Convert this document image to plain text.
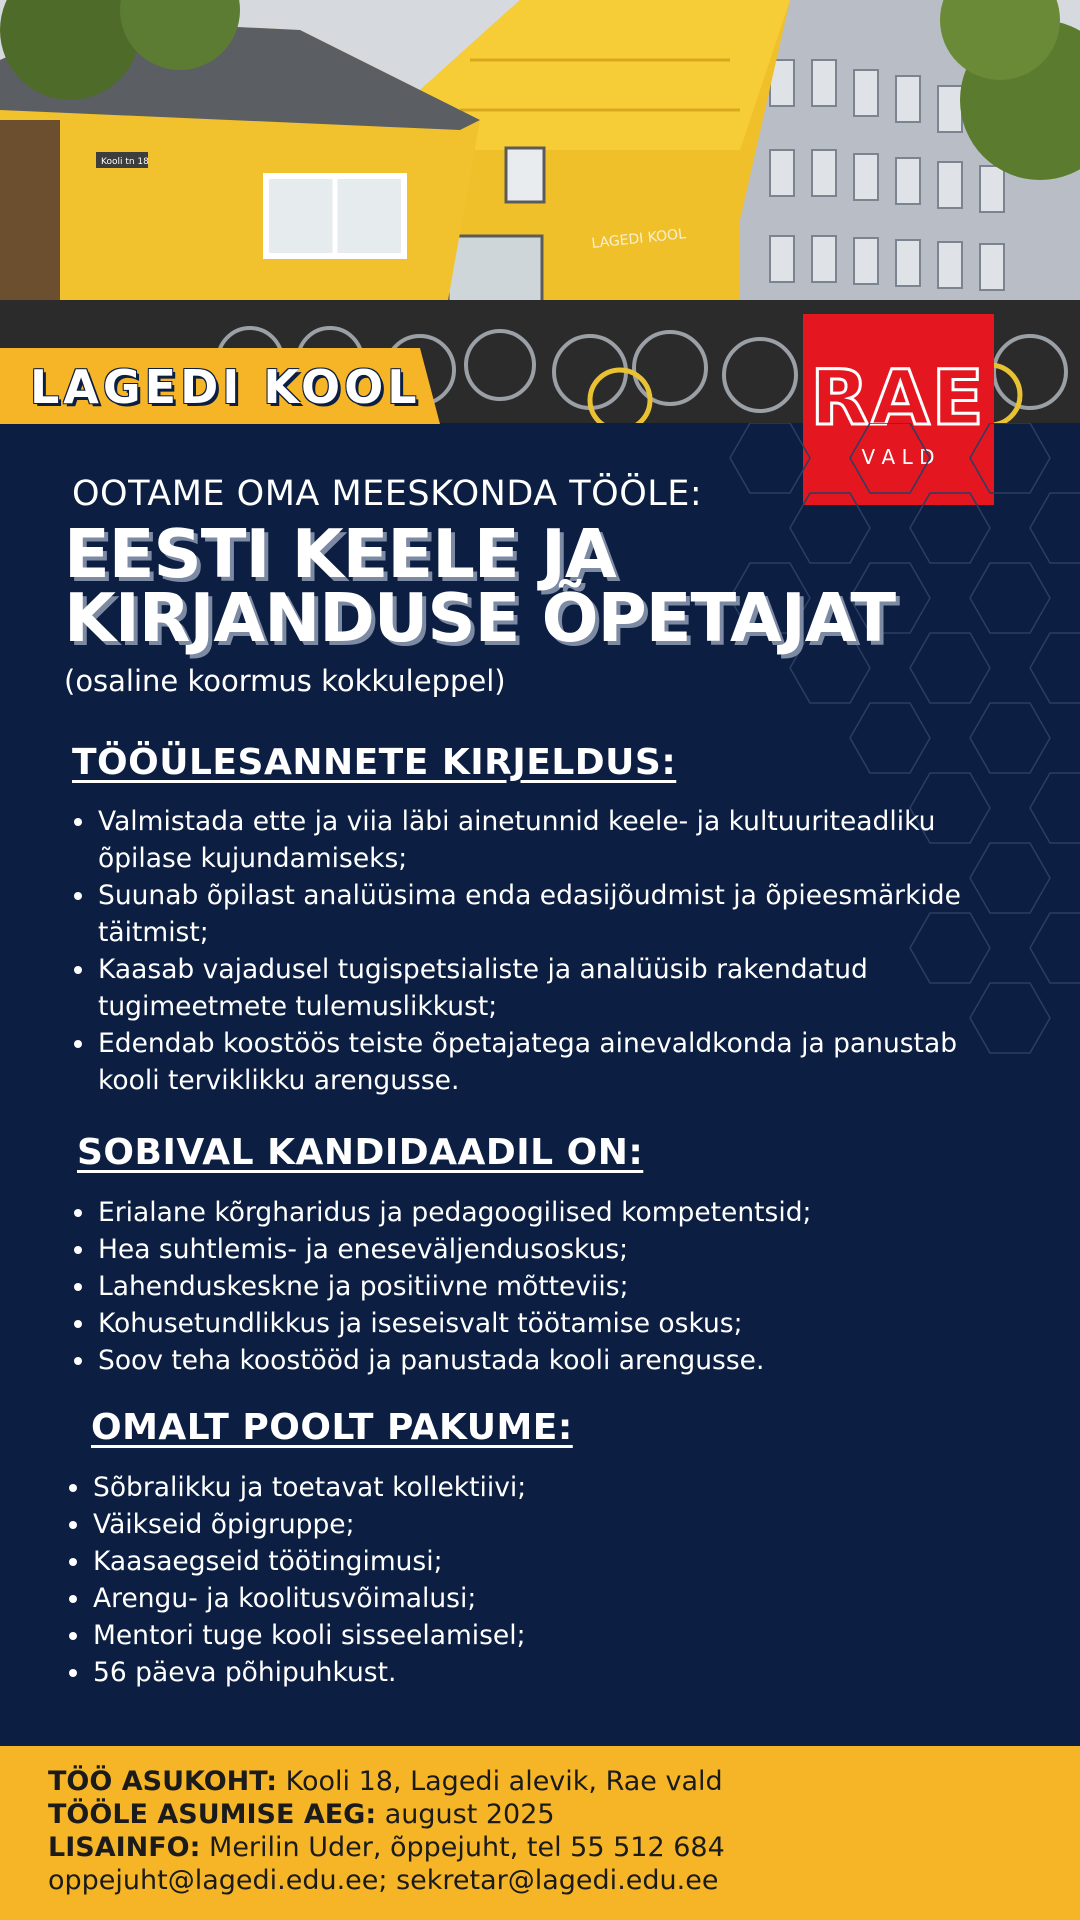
LAGEDI KOOL
Kooli tn 18
LAGEDI KOOL	RAE
V A L D
OOTAME OMA MEESKONDA TÖÖLE:
EESTI KEELE JA
KIRJANDUSE ÕPETAJAT
(osaline koormus kokkuleppel)
TÖÖÜLESANNETE KIRJELDUS:
Valmistada ette ja viia läbi ainetunnid keele- ja kultuuriteadliku õpilase kujundamiseks;
Suunab õpilast analüüsima enda edasijõudmist ja õpieesmärkide täitmist;
Kaasab vajadusel tugispetsialiste ja analüüsib rakendatud tugimeetmete tulemuslikkust;
Edendab koostöös teiste õpetajatega ainevaldkonda ja panustab kooli terviklikku arengusse.
SOBIVAL KANDIDAADIL ON:
Erialane kõrgharidus ja pedagoogilised kompetentsid;
Hea suhtlemis- ja eneseväljendusoskus;
Lahenduskeskne ja positiivne mõtteviis;
Kohusetundlikkus ja iseseisvalt töötamise oskus;
Soov teha koostööd ja panustada kooli arengusse.
OMALT POOLT PAKUME:
Sõbralikku ja toetavat kollektiivi;
Väikseid õpigruppe;
Kaasaegseid töötingimusi;
Arengu- ja koolitusvõimalusi;
Mentori tuge kooli sisseelamisel;
56 päeva põhipuhkust.
TÖÖ ASUKOHT: Kooli 18, Lagedi alevik, Rae vald
TÖÖLE ASUMISE AEG: august 2025
LISAINFO: Merilin Uder, õppejuht, tel 55 512 684
oppejuht@lagedi.edu.ee; sekretar@lagedi.edu.ee
